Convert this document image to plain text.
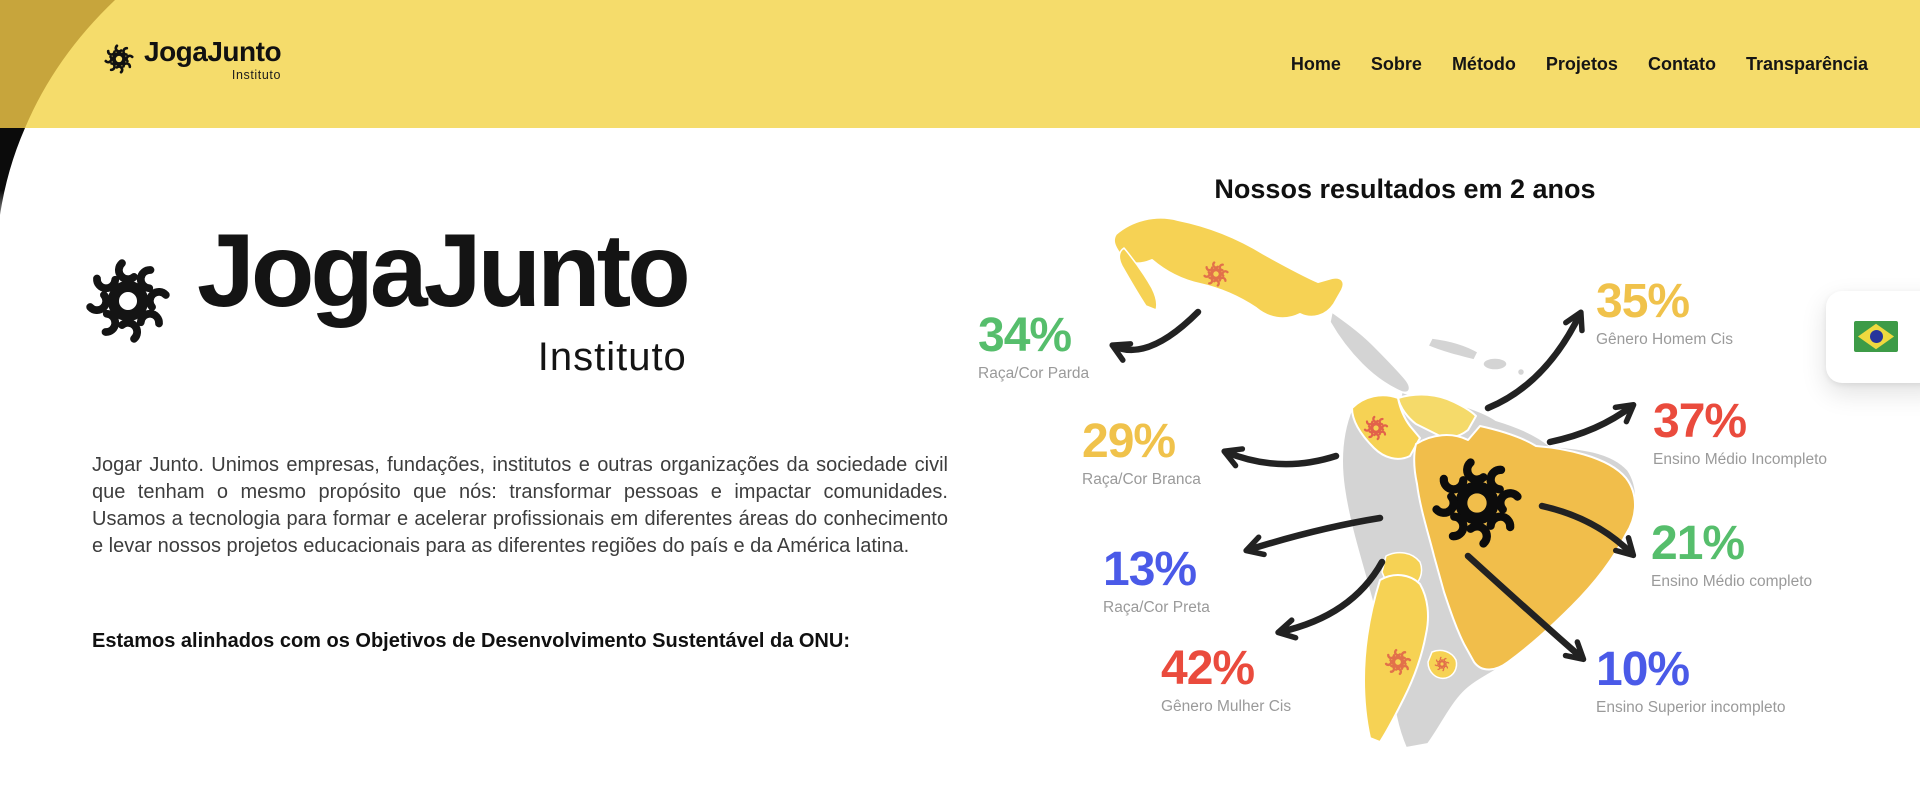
JogaJunto
Instituto
Home Sobre Método Projetos Contato Transparência
JogaJunto
Instituto

Jogar Junto. Unimos empresas, fundações, institutos e outras organizações da sociedade civil que tenham o mesmo propósito que nós: transformar pessoas e impactar comunidades. Usamos a tecnologia para formar e acelerar profissionais em diferentes áreas do conhecimento e levar nossos projetos educacionais para as diferentes regiões do país e da América latina.

Estamos alinhados com os Objetivos de Desenvolvimento Sustentável da ONU:
Nossos resultados em 2 anos
34%
Raça/Cor Parda
29%
Raça/Cor Branca
13%
Raça/Cor Preta
42%
Gênero Mulher Cis
35%
Gênero Homem Cis
37%
Ensino Médio Incompleto
21%
Ensino Médio completo
10%
Ensino Superior incompleto
